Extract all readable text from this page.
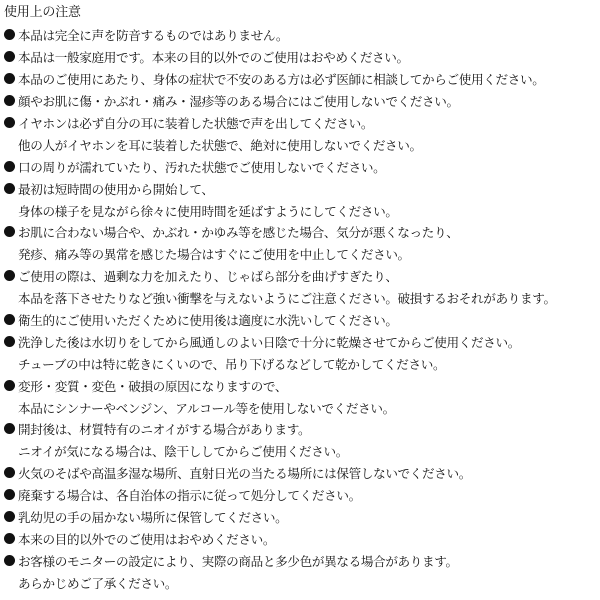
使用上の注意
本品は完全に声を防音するものではありません。
本品は一般家庭用です。本来の目的以外でのご使用はおやめください。
本品のご使用にあたり、身体の症状で不安のある方は必ず医師に相談してからご使用ください。
顔やお肌に傷・かぶれ・痛み・湿疹等のある場合にはご使用しないでください。
イヤホンは必ず自分の耳に装着した状態で声を出してください。
他の人がイヤホンを耳に装着した状態で、絶対に使用しないでください。
口の周りが濡れていたり、汚れた状態でご使用しないでください。
最初は短時間の使用から開始して、
身体の様子を見ながら徐々に使用時間を延ばすようにしてください。
お肌に合わない場合や、かぶれ・かゆみ等を感じた場合、気分が悪くなったり、
発疹、痛み等の異常を感じた場合はすぐにご使用を中止してください。
ご使用の際は、過剰な力を加えたり、じゃばら部分を曲げすぎたり、
本品を落下させたりなど強い衝撃を与えないようにご注意ください。破損するおそれがあります。
衛生的にご使用いただくために使用後は適度に水洗いしてください。
洗浄した後は水切りをしてから風通しのよい日陰で十分に乾燥させてからご使用ください。
チューブの中は特に乾きにくいので、吊り下げるなどして乾かしてください。
変形・変質・変色・破損の原因になりますので、
本品にシンナーやベンジン、アルコール等を使用しないでください。
開封後は、材質特有のニオイがする場合があります。
ニオイが気になる場合は、陰干ししてからご使用ください。
火気のそばや高温多湿な場所、直射日光の当たる場所には保管しないでください。
廃棄する場合は、各自治体の指示に従って処分してください。
乳幼児の手の届かない場所に保管してください。
本来の目的以外でのご使用はおやめください。
お客様のモニターの設定により、実際の商品と多少色が異なる場合があります。
あらかじめご了承ください。
